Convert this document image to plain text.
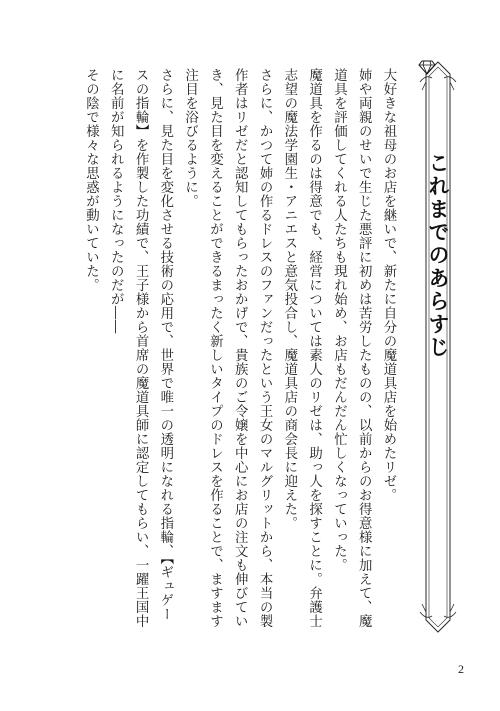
これまでのあらすじ

大好きな祖母のお店を継いで、新たに自分の魔道具店を始めたリゼ。

姉や両親のせいで生じた悪評に初めは苦労したものの、以前からのお得意様に加えて、魔道具を評価してくれる人たちも現れ始め、お店もだんだん忙しくなっていった。

魔道具を作るのは得意でも、経営については素人のリゼは、助っ人を探すことに。弁護士志望の魔法学園生・アニエスと意気投合し、魔道具店の商会長に迎えた。

さらに、かつて姉の作るドレスのファンだったという王女のマルグリットから、本当の製作者はリゼだと認知してもらったおかげで、貴族のご令嬢を中心にお店の注文も伸びていき、見た目を変えることができるまったく新しいタイプのドレスを作ることで、ますます注目を浴びるように。

さらに、見た目を変化させる技術の応用で、世界で唯一の透明になれる指輪、【ギュゲースの指輪】を作製した功績で、王子様から首席の魔道具師に認定してもらい、一躍王国中に名前が知られるようになったのだが――

その陰で様々な思惑が動いていた。

2
